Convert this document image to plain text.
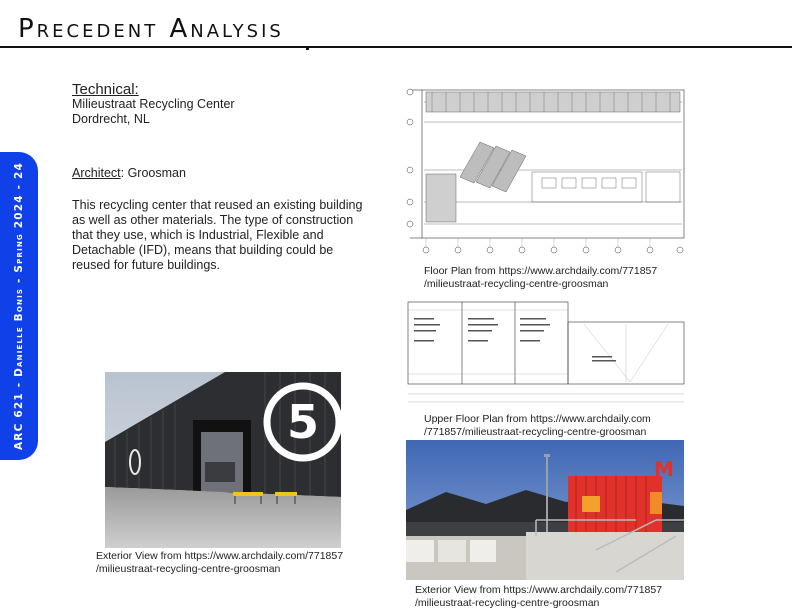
Precedent Analysis
ARC 621 - Danielle Bonis - Spring 2024 - 24
Technical:
Milieustraat Recycling Center
Dordrecht, NL
Architect: Groosman
This recycling center that reused an existing building as well as other materials. The type of construction that they use, which is Industrial, Flexible and Detachable (IFD), means that building could be reused for future buildings.	Floor Plan from https://www.archdaily.com/771857
/milieustraat-recycling-centre-groosman
Upper Floor Plan from https://www.archdaily.com
/771857/milieustraat-recycling-centre-groosman
5
Exterior View from https://www.archdaily.com/771857
/milieustraat-recycling-centre-groosman
M
Exterior View from https://www.archdaily.com/771857
/milieustraat-recycling-centre-groosman
